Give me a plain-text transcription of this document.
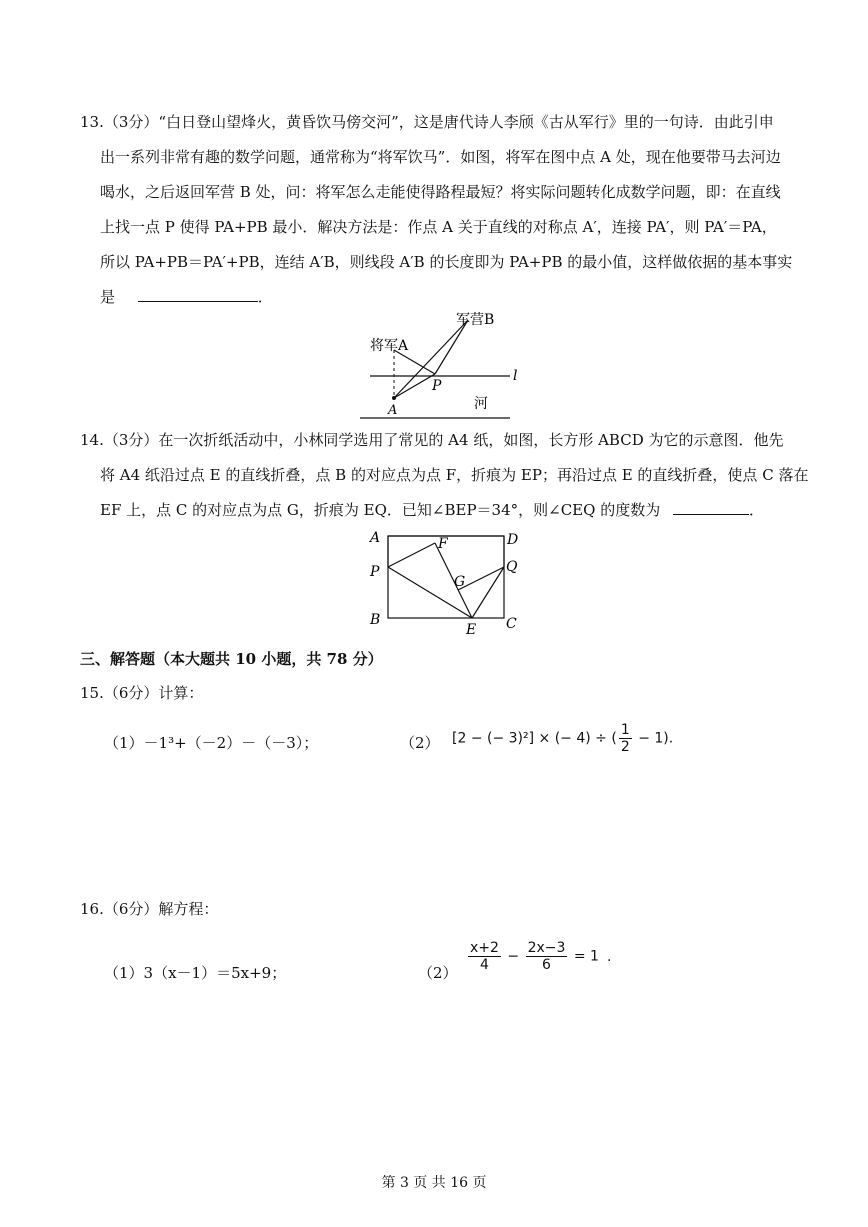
13.（3分）“白日登山望烽火，黄昏饮马傍交河”，这是唐代诗人李颀《古从军行》里的一句诗．由此引申
出一系列非常有趣的数学问题，通常称为“将军饮马”．如图，将军在图中点 A 处，现在他要带马去河边
喝水，之后返回军营 B 处，问：将军怎么走能使得路程最短？将实际问题转化成数学问题，即：在直线
上找一点 P 使得 PA+PB 最小．解决方法是：作点 A 关于直线的对称点 A′，连接 PA′，则 PA′＝PA，
所以 PA+PB＝PA′+PB，连结 A′B，则线段 A′B 的长度即为 PA+PB 的最小值，这样做依据的基本事实
是	．
军营B
将军A
P
l
A	河
14.（3分）在一次折纸活动中，小林同学选用了常见的 A4 纸，如图，长方形 ABCD 为它的示意图．他先
将 A4 纸沿过点 E 的直线折叠，点 B 的对应点为点 F，折痕为 EP；再沿过点 E 的直线折叠，使点 C 落在
EF 上，点 C 的对应点为点 G，折痕为 EQ．已知∠BEP＝34°，则∠CEQ 的度数为	．
A	D
F
P	Q
G
B
E C
三、解答题（本大题共 10 小题，共 78 分）
15.（6分）计算：
（1）－1³+（－2）－（－3）；	（2） [2 − (− 3)²] × (− 4) ÷ ( $\frac{1}{2} - 1$).
16.（6分）解方程：
（1）3（x－1）＝5x+9；	$(2) \frac{x+2}{4} - \frac{2x-3}{6} = 1$ .
第 3 页 共 16 页
